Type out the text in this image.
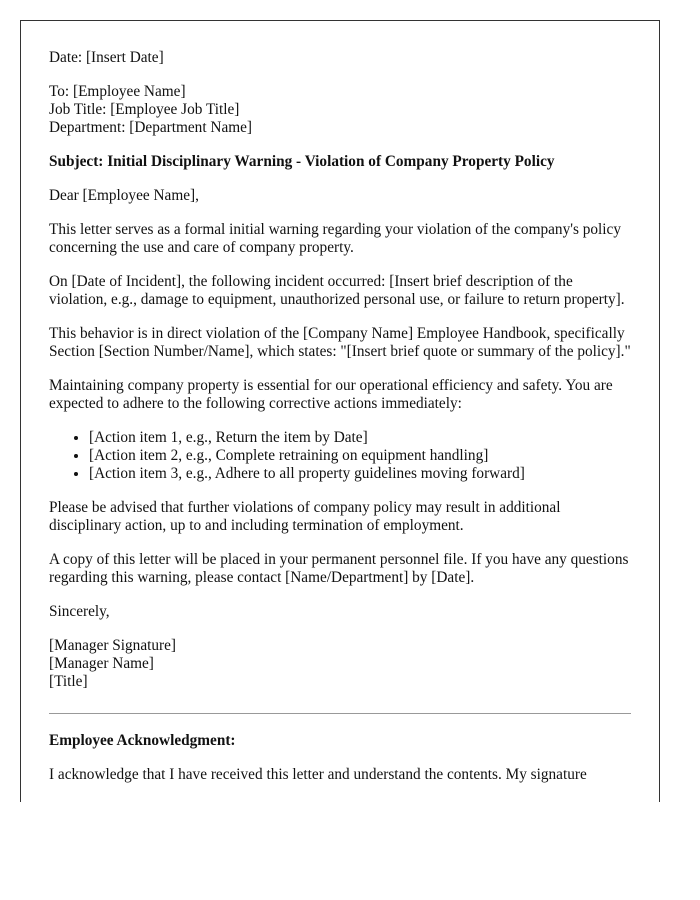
Date: [Insert Date]

To: [Employee Name]
Job Title: [Employee Job Title]
Department: [Department Name]

Subject: Initial Disciplinary Warning - Violation of Company Property Policy

Dear [Employee Name],

This letter serves as a formal initial warning regarding your violation of the company's policy concerning the use and care of company property.

On [Date of Incident], the following incident occurred: [Insert brief description of the violation, e.g., damage to equipment, unauthorized personal use, or failure to return property].

This behavior is in direct violation of the [Company Name] Employee Handbook, specifically Section [Section Number/Name], which states: "[Insert brief quote or summary of the policy]."

Maintaining company property is essential for our operational efficiency and safety. You are expected to adhere to the following corrective actions immediately:

• [Action item 1, e.g., Return the item by Date]
• [Action item 2, e.g., Complete retraining on equipment handling]
• [Action item 3, e.g., Adhere to all property guidelines moving forward]

Please be advised that further violations of company policy may result in additional disciplinary action, up to and including termination of employment.

A copy of this letter will be placed in your permanent personnel file. If you have any questions regarding this warning, please contact [Name/Department] by [Date].

Sincerely,

[Manager Signature]
[Manager Name]
[Title]

Employee Acknowledgment:

I acknowledge that I have received this letter and understand the contents. My signature
